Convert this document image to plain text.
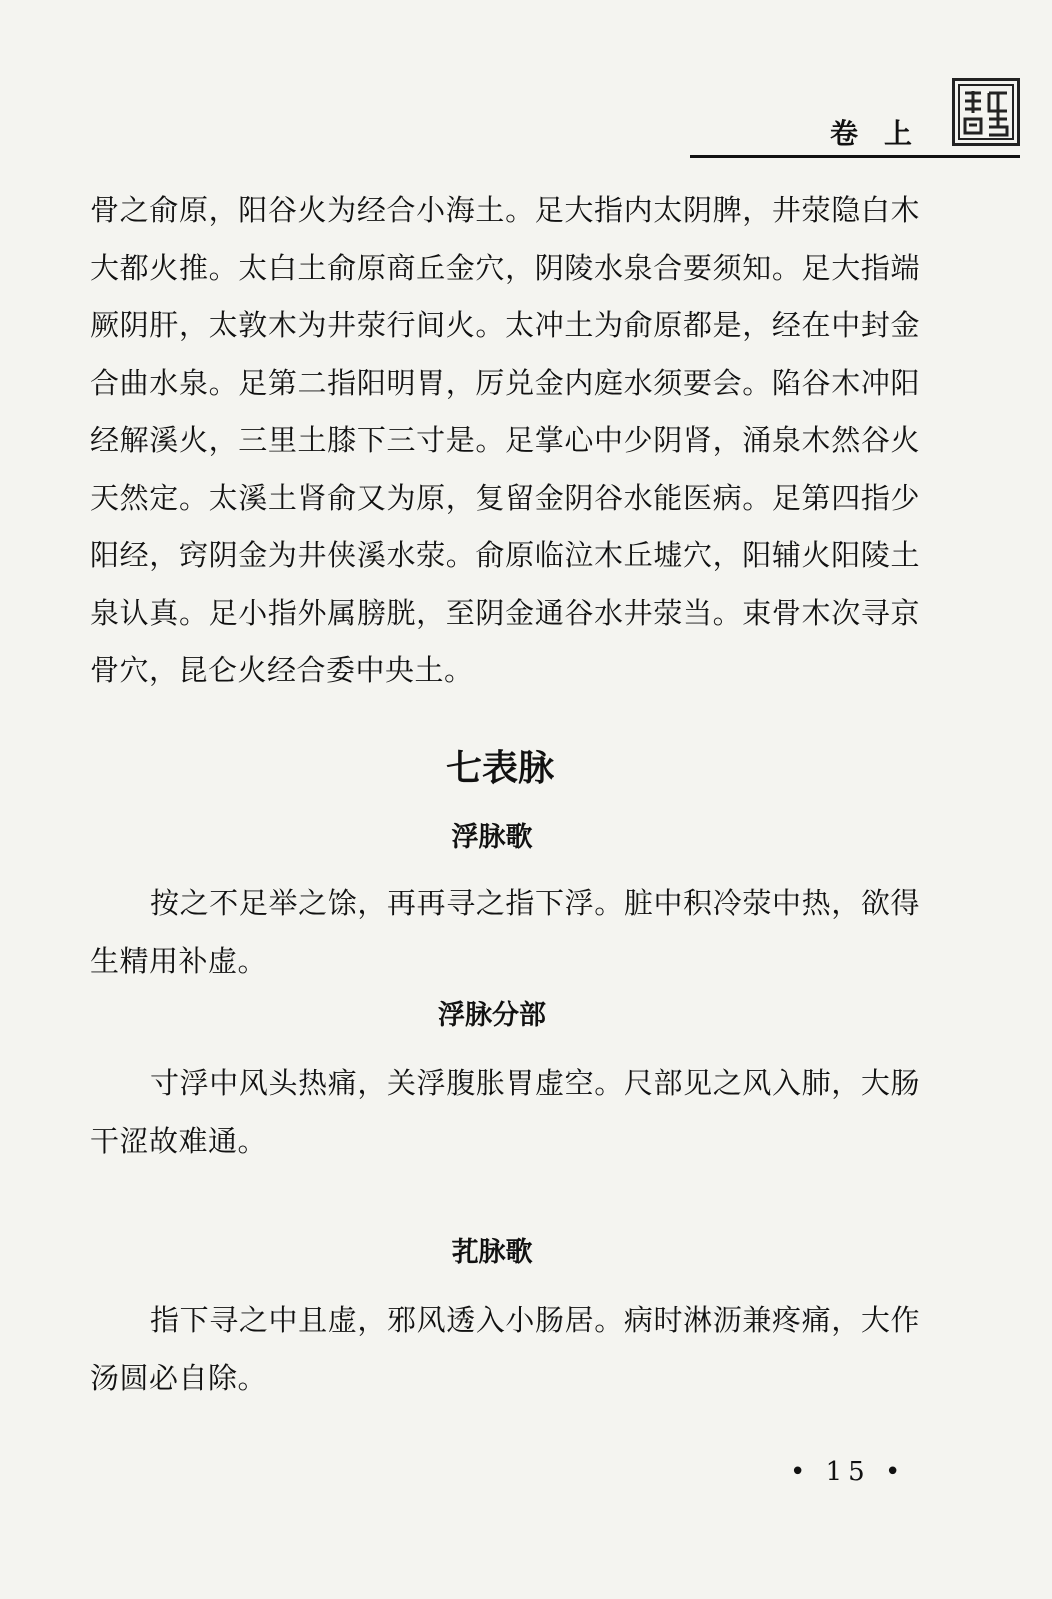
卷上
骨之俞原，阳谷火为经合小海土。足大指内太阴脾，井荥隐白木大都火推。太白土俞原商丘金穴，阴陵水泉合要须知。足大指端厥阴肝，太敦木为井荥行间火。太冲土为俞原都是，经在中封金合曲水泉。足第二指阳明胃，厉兑金内庭水须要会。陷谷木冲阳经解溪火，三里土膝下三寸是。足掌心中少阴肾，涌泉木然谷火天然定。太溪土肾俞又为原，复留金阴谷水能医病。足第四指少阳经，窍阴金为井侠溪水荥。俞原临泣木丘墟穴，阳辅火阳陵土泉认真。足小指外属膀胱，至阴金通谷水井荥当。束骨木次寻京骨穴，昆仑火经合委中央土。
七表脉
浮脉歌
按之不足举之馀，再再寻之指下浮。脏中积冷荥中热，欲得生精用补虚。
浮脉分部
寸浮中风头热痛，关浮腹胀胃虚空。尺部见之风入肺，大肠干涩故难通。
芤脉歌
指下寻之中且虚，邪风透入小肠居。病时淋沥兼疼痛，大作汤圆必自除。
• 15 •
